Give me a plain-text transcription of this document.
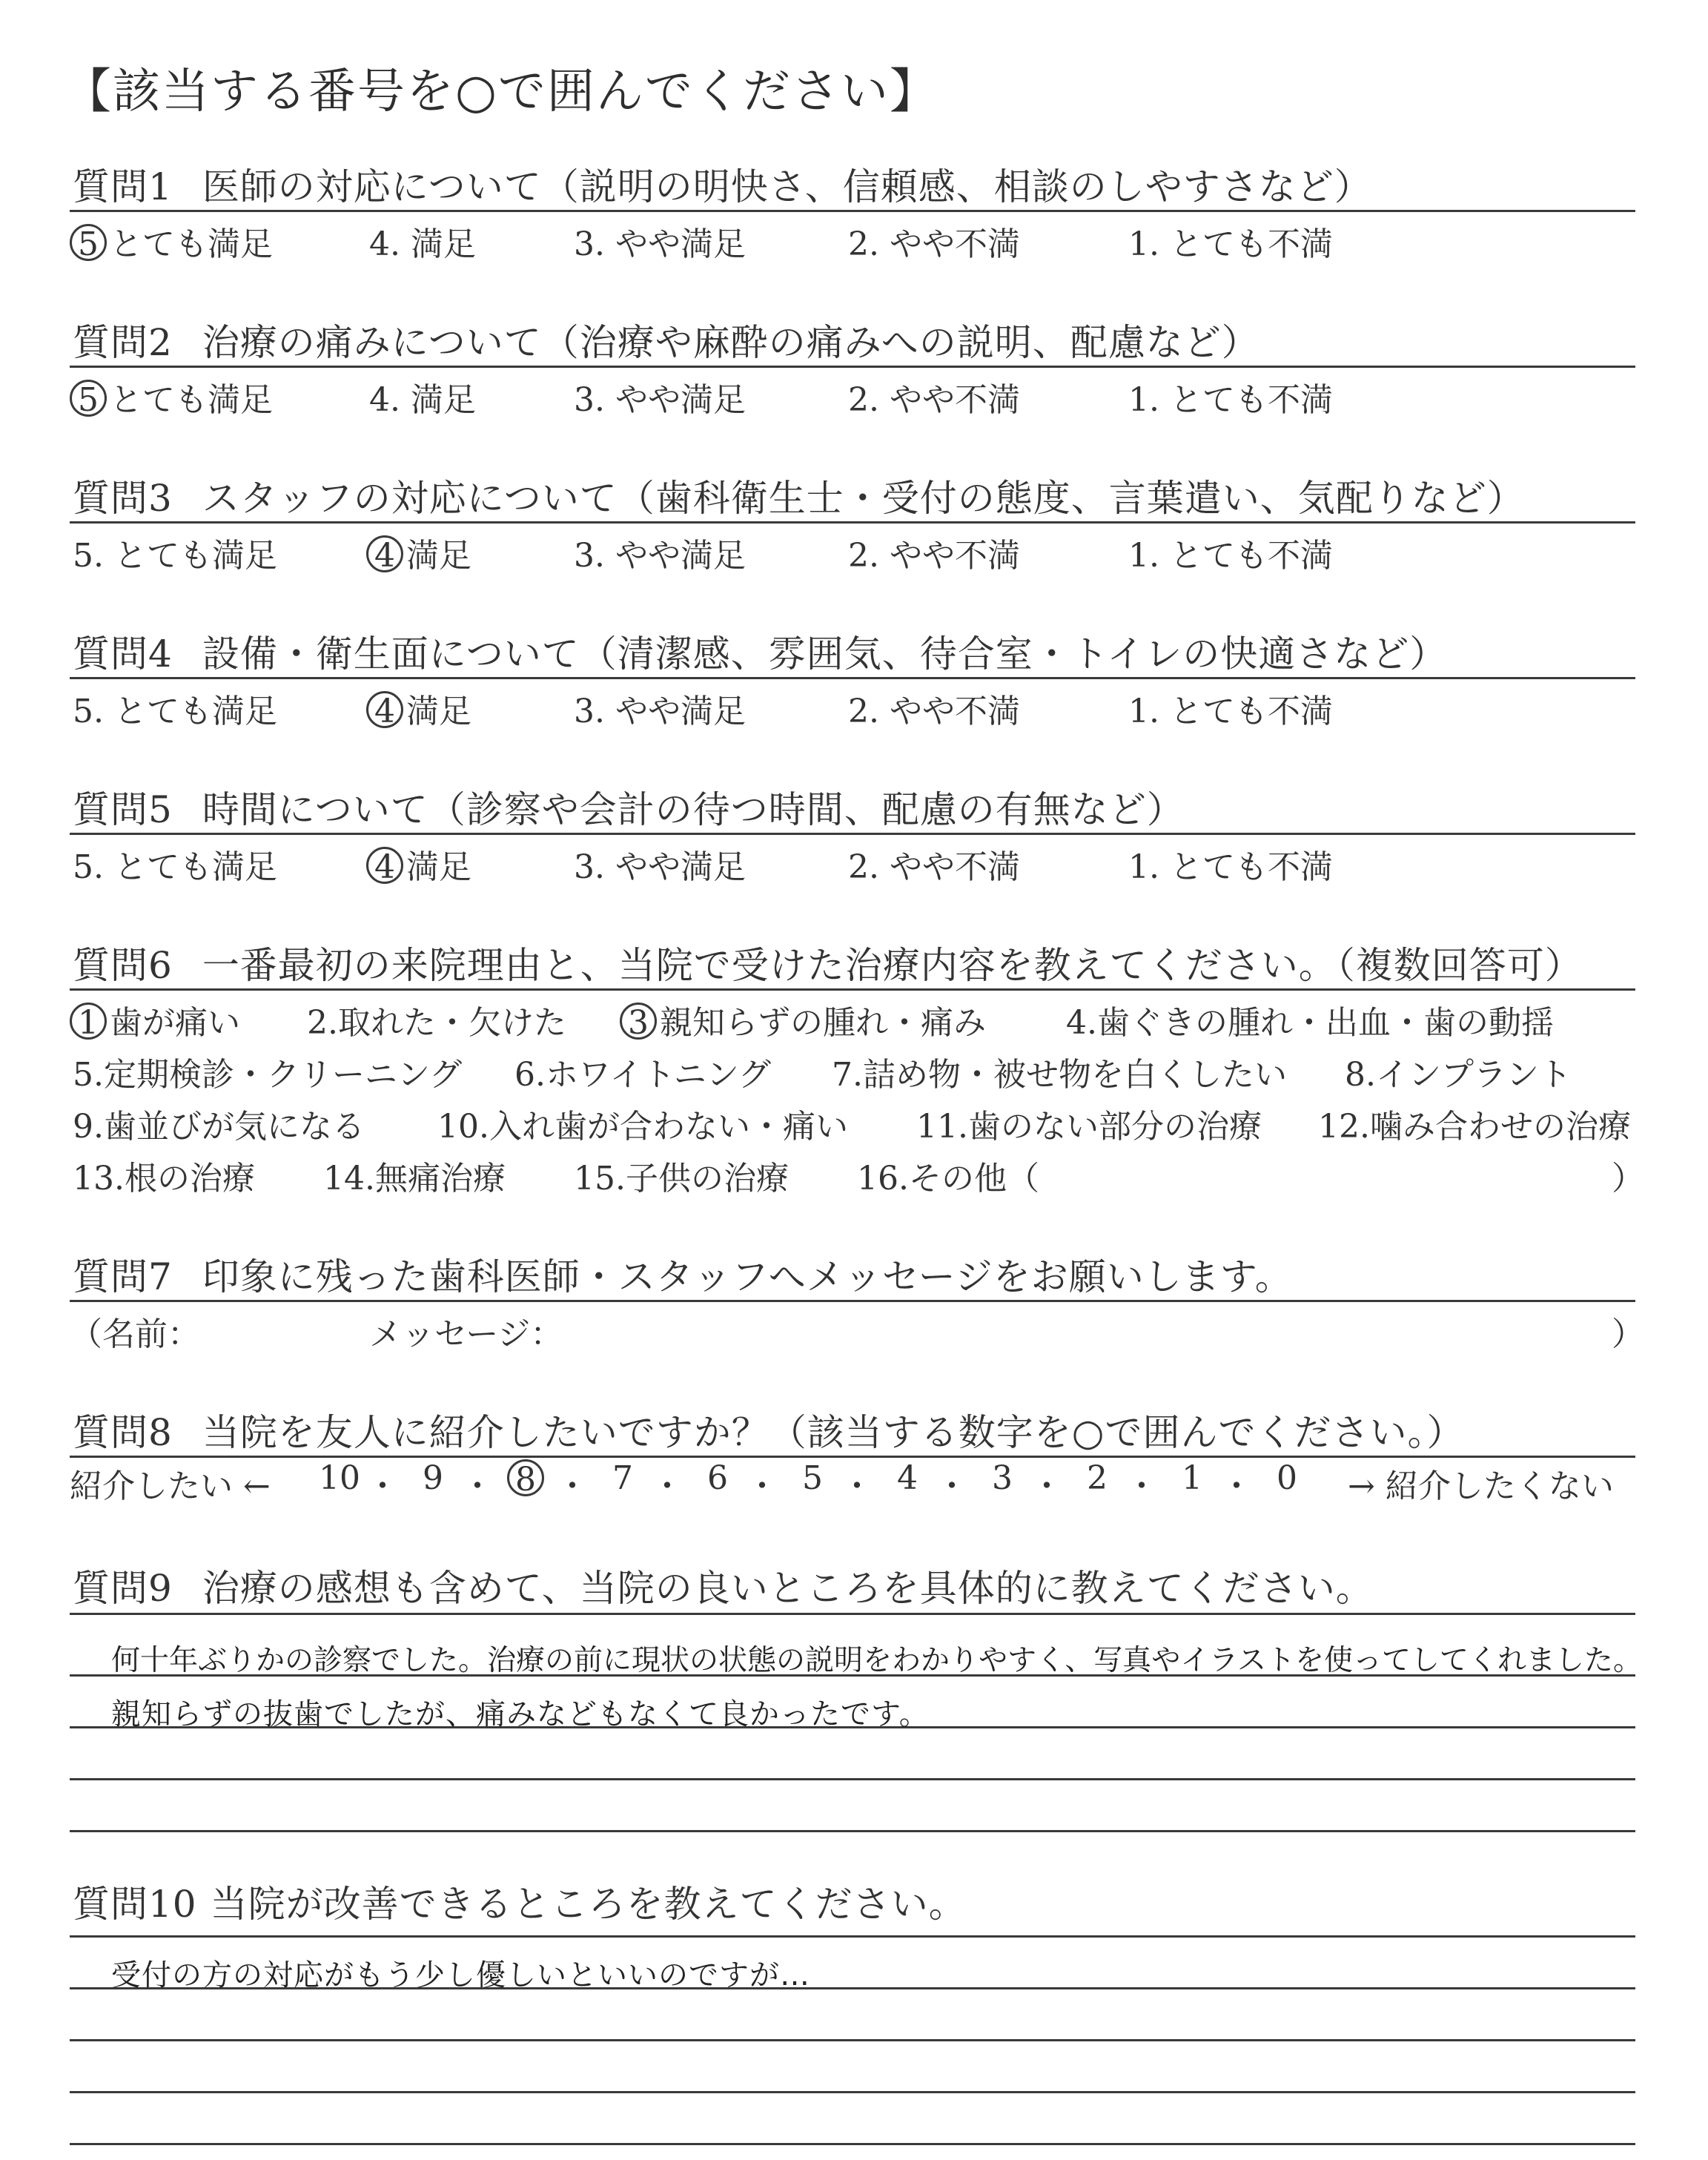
【該当する番号を○で囲んでください】
質問1 医師の対応について（説明の明快さ、信頼感、相談のしやすさなど）
5 とても満足	4. 満足	3. やや満足	2. やや不満	1. とても不満
質問2 治療の痛みについて（治療や麻酔の痛みへの説明、配慮など）
5 とても満足	4. 満足	3. やや満足	2. やや不満	1. とても不満
質問3 スタッフの対応について（歯科衛生士・受付の態度、言葉遣い、気配りなど）
5. とても満足	4 満足	3. やや満足	2. やや不満	1. とても不満
質問4 設備・衛生面について（清潔感、雰囲気、待合室・トイレの快適さなど）
5. とても満足	4 満足	3. やや満足	2. やや不満	1. とても不満
質問5 時間について（診察や会計の待つ時間、配慮の有無など）
5. とても満足	4 満足	3. やや満足	2. やや不満	1. とても不満
質問6 一番最初の来院理由と、当院で受けた治療内容を教えてください。（複数回答可）
1 歯が痛い 2.取れた・欠けた 3 親知らずの腫れ・痛み 4.歯ぐきの腫れ・出血・歯の動揺
5.定期検診・クリーニング 6.ホワイトニング 7.詰め物・被せ物を白くしたい 8.インプラント
9.歯並びが気になる 10.入れ歯が合わない・痛い 11.歯のない部分の治療 12.噛み合わせの治療
）
13.根の治療 14.無痛治療 15.子供の治療 16.その他（
質問7 印象に残った歯科医師・スタッフへメッセージをお願いします。
（名前：	メッセージ：	）
質問8 当院を友人に紹介したいですか？（該当する数字を○で囲んでください。）
紹介したい ←	→ 紹介したくない
10 ・ 9 ・ 8 ・ 7 ・ 6 ・ 5 ・ 4 ・ 3 ・ 2 ・ 1 ・ 0
質問9 治療の感想も含めて、当院の良いところを具体的に教えてください。
何十年ぶりかの診察でした。治療の前に現状の状態の説明をわかりやすく、写真やイラストを使ってしてくれました。
親知らずの抜歯でしたが、痛みなどもなくて良かったです。
質問10 当院が改善できるところを教えてください。
受付の方の対応がもう少し優しいといいのですが…
